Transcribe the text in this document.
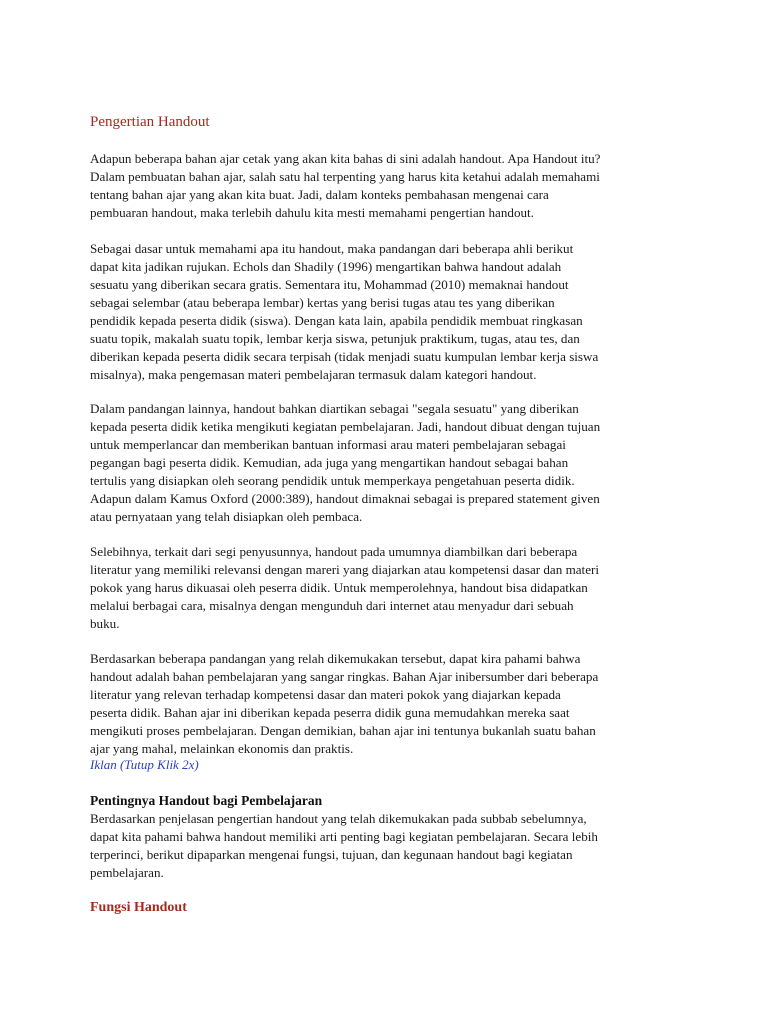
Pengertian Handout
Adapun beberapa bahan ajar cetak yang akan kita bahas di sini adalah handout. Apa Handout itu?
Dalam pembuatan bahan ajar, salah satu hal terpenting yang harus kita ketahui adalah memahami
tentang bahan ajar yang akan kita buat. Jadi, dalam konteks pembahasan mengenai cara
pembuaran handout, maka terlebih dahulu kita mesti memahami pengertian handout.
Sebagai dasar untuk memahami apa itu handout, maka pandangan dari beberapa ahli berikut
dapat kita jadikan rujukan. Echols dan Shadily (1996) mengartikan bahwa handout adalah
sesuatu yang diberikan secara gratis. Sementara itu, Mohammad (2010) memaknai handout
sebagai selembar (atau beberapa lembar) kertas yang berisi tugas atau tes yang diberikan
pendidik kepada peserta didik (siswa). Dengan kata lain, apabila pendidik membuat ringkasan
suatu topik, makalah suatu topik, lembar kerja siswa, petunjuk praktikum, tugas, atau tes, dan
diberikan kepada peserta didik secara terpisah (tidak menjadi suatu kumpulan lembar kerja siswa
misalnya), maka pengemasan materi pembelajaran termasuk dalam kategori handout.
Dalam pandangan lainnya, handout bahkan diartikan sebagai "segala sesuatu" yang diberikan
kepada peserta didik ketika mengikuti kegiatan pembelajaran. Jadi, handout dibuat dengan tujuan
untuk memperlancar dan memberikan bantuan informasi arau materi pembelajaran sebagai
pegangan bagi peserta didik. Kemudian, ada juga yang mengartikan handout sebagai bahan
tertulis yang disiapkan oleh seorang pendidik untuk memperkaya pengetahuan peserta didik.
Adapun dalam Kamus Oxford (2000:389), handout dimaknai sebagai is prepared statement given
atau pernyataan yang telah disiapkan oleh pembaca.
Selebihnya, terkait dari segi penyusunnya, handout pada umumnya diambilkan dari beberapa
literatur yang memiliki relevansi dengan mareri yang diajarkan atau kompetensi dasar dan materi
pokok yang harus dikuasai oleh peserra didik. Untuk memperolehnya, handout bisa didapatkan
melalui berbagai cara, misalnya dengan mengunduh dari internet atau menyadur dari sebuah
buku.
Berdasarkan beberapa pandangan yang relah dikemukakan tersebut, dapat kira pahami bahwa
handout adalah bahan pembelajaran yang sangar ringkas. Bahan Ajar inibersumber dari beberapa
literatur yang relevan terhadap kompetensi dasar dan materi pokok yang diajarkan kepada
peserta didik. Bahan ajar ini diberikan kepada peserra didik guna memudahkan mereka saat
mengikuti proses pembelajaran. Dengan demikian, bahan ajar ini tentunya bukanlah suatu bahan
ajar yang mahal, melainkan ekonomis dan praktis.
Iklan (Tutup Klik 2x)
Pentingnya Handout bagi Pembelajaran
Berdasarkan penjelasan pengertian handout yang telah dikemukakan pada subbab sebelumnya,
dapat kita pahami bahwa handout memiliki arti penting bagi kegiatan pembelajaran. Secara lebih
terperinci, berikut dipaparkan mengenai fungsi, tujuan, dan kegunaan handout bagi kegiatan
pembelajaran.
Fungsi Handout
